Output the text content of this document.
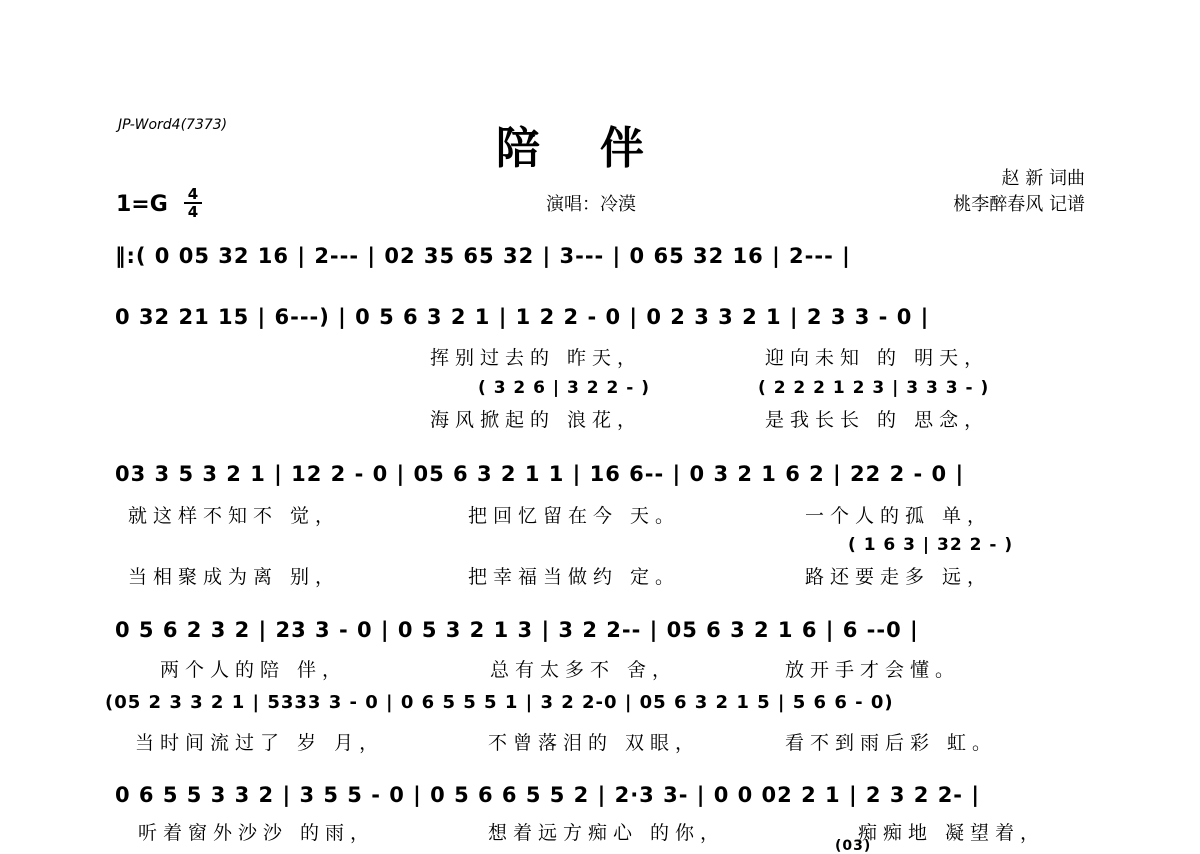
JP-Word4(7373)	陪伴
1=G 4
4	演唱：冷漠
赵 新 词曲
桃李醉春风 记谱
‖:( 0 05 32 16 | 2--- | 02 35 65 32 | 3--- | 0 65 32 16 | 2--- |
0 32 21 15 | 6---) | 0 5 6 3 2 1 | 1 2 2 - 0 | 0 2 3 3 2 1 | 2 3 3 - 0 |
挥别过去的 昨天，	迎向未知 的 明天，
( 3 2 6 | 3 2 2 - )	( 2 2 2 1 2 3 | 3 3 3 - )
海风掀起的 浪花，	是我长长 的 思念，
03 3 5 3 2 1 | 12 2 - 0 | 05 6 3 2 1 1 | 16 6-- | 0 3 2 1 6 2 | 22 2 - 0 |
就这样不知不 觉，	把回忆留在今 天。	一个人的孤 单，
( 1 6 3 | 32 2 - )
当相聚成为离 别，	把幸福当做约 定。	路还要走多 远，
0 5 6 2 3 2 | 23 3 - 0 | 0 5 3 2 1 3 | 3 2 2-- | 05 6 3 2 1 6 | 6 --0 |
两个人的陪 伴，	总有太多不 舍，	放开手才会懂。
(05 2 3 3 2 1 | 5333 3 - 0 | 0 6 5 5 5 1 | 3 2 2-0 | 05 6 3 2 1 5 | 5 6 6 - 0)
当时间流过了 岁 月，	不曾落泪的 双眼，	看不到雨后彩 虹。
0 6 5 5 3 3 2 | 3 5 5 - 0 | 0 5 6 6 5 5 2 | 2·3 3- | 0 0 02 2 1 | 2 3 2 2- |
听着窗外沙沙 的雨，	想着远方痴心 的你，	痴痴地 凝望着，
(03)
